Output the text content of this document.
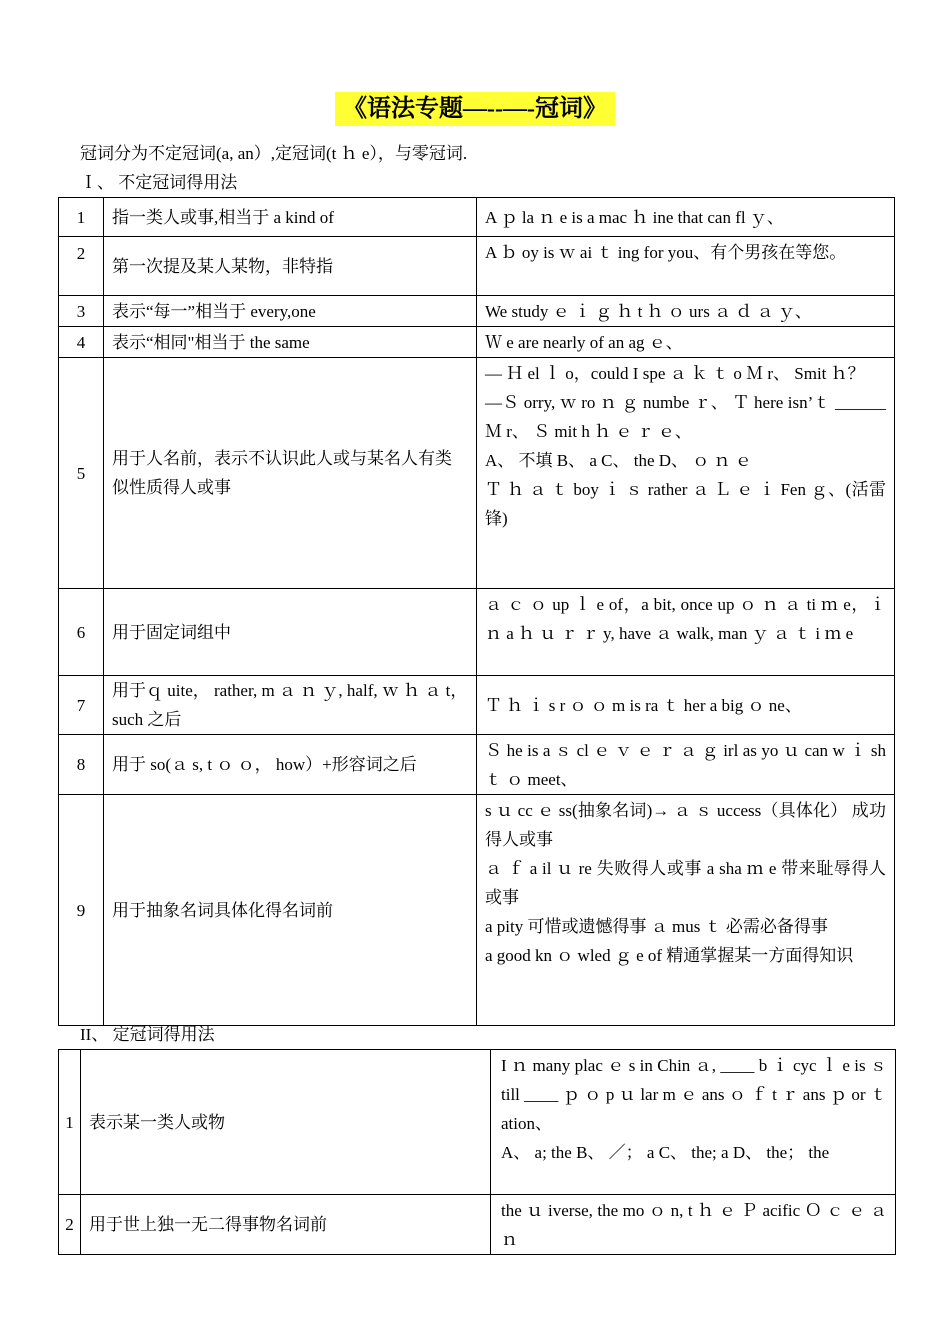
《语法专题—--—-冠词》
冠词分为不定冠词(a, an）,定冠词(t ｈ e），与零冠词.
Ｉ、 不定冠词得用法
1	指一类人或事,相当于 a kind of	A ｐ la ｎ e is a mac ｈ ine that can fl ｙ、

2	第一次提及某人某物，非特指	A ｂ oy is ｗ ai ｔ ing for you、有个男孩在等您。

3	表示“每一”相当于 every,one	We study ｅ ｉ ｇ ｈ t ｈ ｏ urs ａ ｄ ａ ｙ、

4	表示“相同"相当于 the same	Ｗ e are nearly of an ag ｅ、

5	用于人名前，表示不认识此人或与某名人有类似性质得人或事	— Ｈ el ｌ o，could I spe ａ ｋ ｔ o Ｍ r、 Smit ｈ？
—Ｓ orry, ｗ ro ｎ ｇ numbe ｒ、 Ｔ here isn’ｔ ______ Ｍ r、 Ｓ mit h ｈ ｅ ｒ ｅ、
A、 不填 B、 a C、 the D、 ｏ ｎ ｅ
Ｔ ｈ ａ ｔ boy ｉ ｓ rather ａ Ｌ ｅ ｉ Fen ｇ、(活雷锋)

6	用于固定词组中	ａ ｃ ｏ up ｌ e of，a bit, once up ｏ ｎ ａ ti ｍ e，ｉ ｎ a ｈ ｕ ｒ ｒ y, have ａ walk, man ｙ ａ ｔ i ｍ e

7	用于ｑ uite， rather, m ａ ｎ ｙ, half, ｗ ｈ ａ t， such 之后	Ｔ ｈ ｉ s r ｏ ｏ m is ra ｔ her a big ｏ ne、

8	用于 so(ａ s, t ｏ ｏ， how）+形容词之后	Ｓ he is a ｓ cl ｅ ｖ ｅ ｒ ａ ｇ irl as yo ｕ can w ｉ sh ｔ ｏ meet、

9	用于抽象名词具体化得名词前	s ｕ cc ｅ ss(抽象名词)→ ａ ｓ uccess（具体化） 成功得人或事
ａ ｆ a il ｕ re 失败得人或事 a sha ｍ e 带来耻辱得人或事
a pity 可惜或遗憾得事 ａ mus ｔ 必需必备得事
a good kn ｏ wled ｇ e of 精通掌握某一方面得知识
II、 定冠词得用法
1	表示某一类人或物	I ｎ many plac ｅ s in Chin ａ, ____ b ｉ cyc ｌ e is ｓ till ____ ｐ ｏ p ｕ lar m ｅ ans ｏ ｆ t ｒ ans ｐ or ｔ ation、
A、 a; the B、 ／； a C、 the; a D、 the； the

2	用于世上独一无二得事物名词前	the ｕ iverse, the mo ｏ n, t ｈ ｅ Ｐ acific Ｏ ｃ ｅ ａ ｎ
